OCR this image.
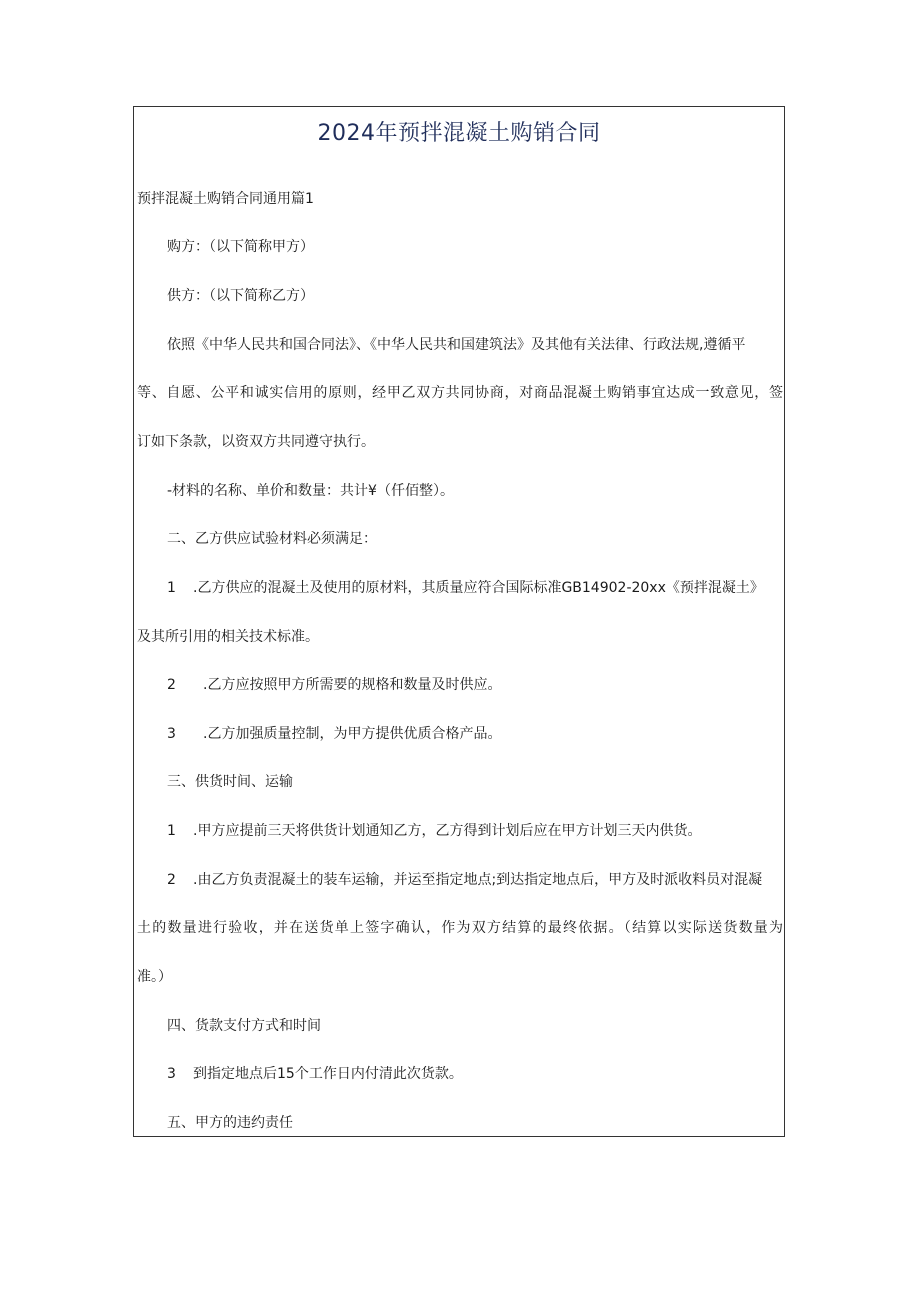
2024年预拌混凝土购销合同
预拌混凝土购销合同通用篇1
购方：（以下简称甲方）
供方：（以下简称乙方）
依照《中华人民共和国合同法》、《中华人民共和国建筑法》及其他有关法律、行政法规,遵循平
等、自愿、公平和诚实信用的原则，经甲乙双方共同协商，对商品混凝土购销事宜达成一致意见，签
订如下条款，以资双方共同遵守执行。
-材料的名称、单价和数量：共计¥（仟佰整）。
二、乙方供应试验材料必须满足：
1 .乙方供应的混凝土及使用的原材料，其质量应符合国际标准GB14902-20xx《预拌混凝土》
及其所引用的相关技术标准。
2 .乙方应按照甲方所需要的规格和数量及时供应。
3 .乙方加强质量控制，为甲方提供优质合格产品。
三、供货时间、运输
1 .甲方应提前三天将供货计划通知乙方，乙方得到计划后应在甲方计划三天内供货。
2 .由乙方负责混凝土的装车运输，并运至指定地点;到达指定地点后，甲方及时派收料员对混凝
土的数量进行验收，并在送货单上签字确认，作为双方结算的最终依据。（结算以实际送货数量为
准。）
四、货款支付方式和时间
3 到指定地点后15个工作日内付清此次货款。
五、甲方的违约责任
